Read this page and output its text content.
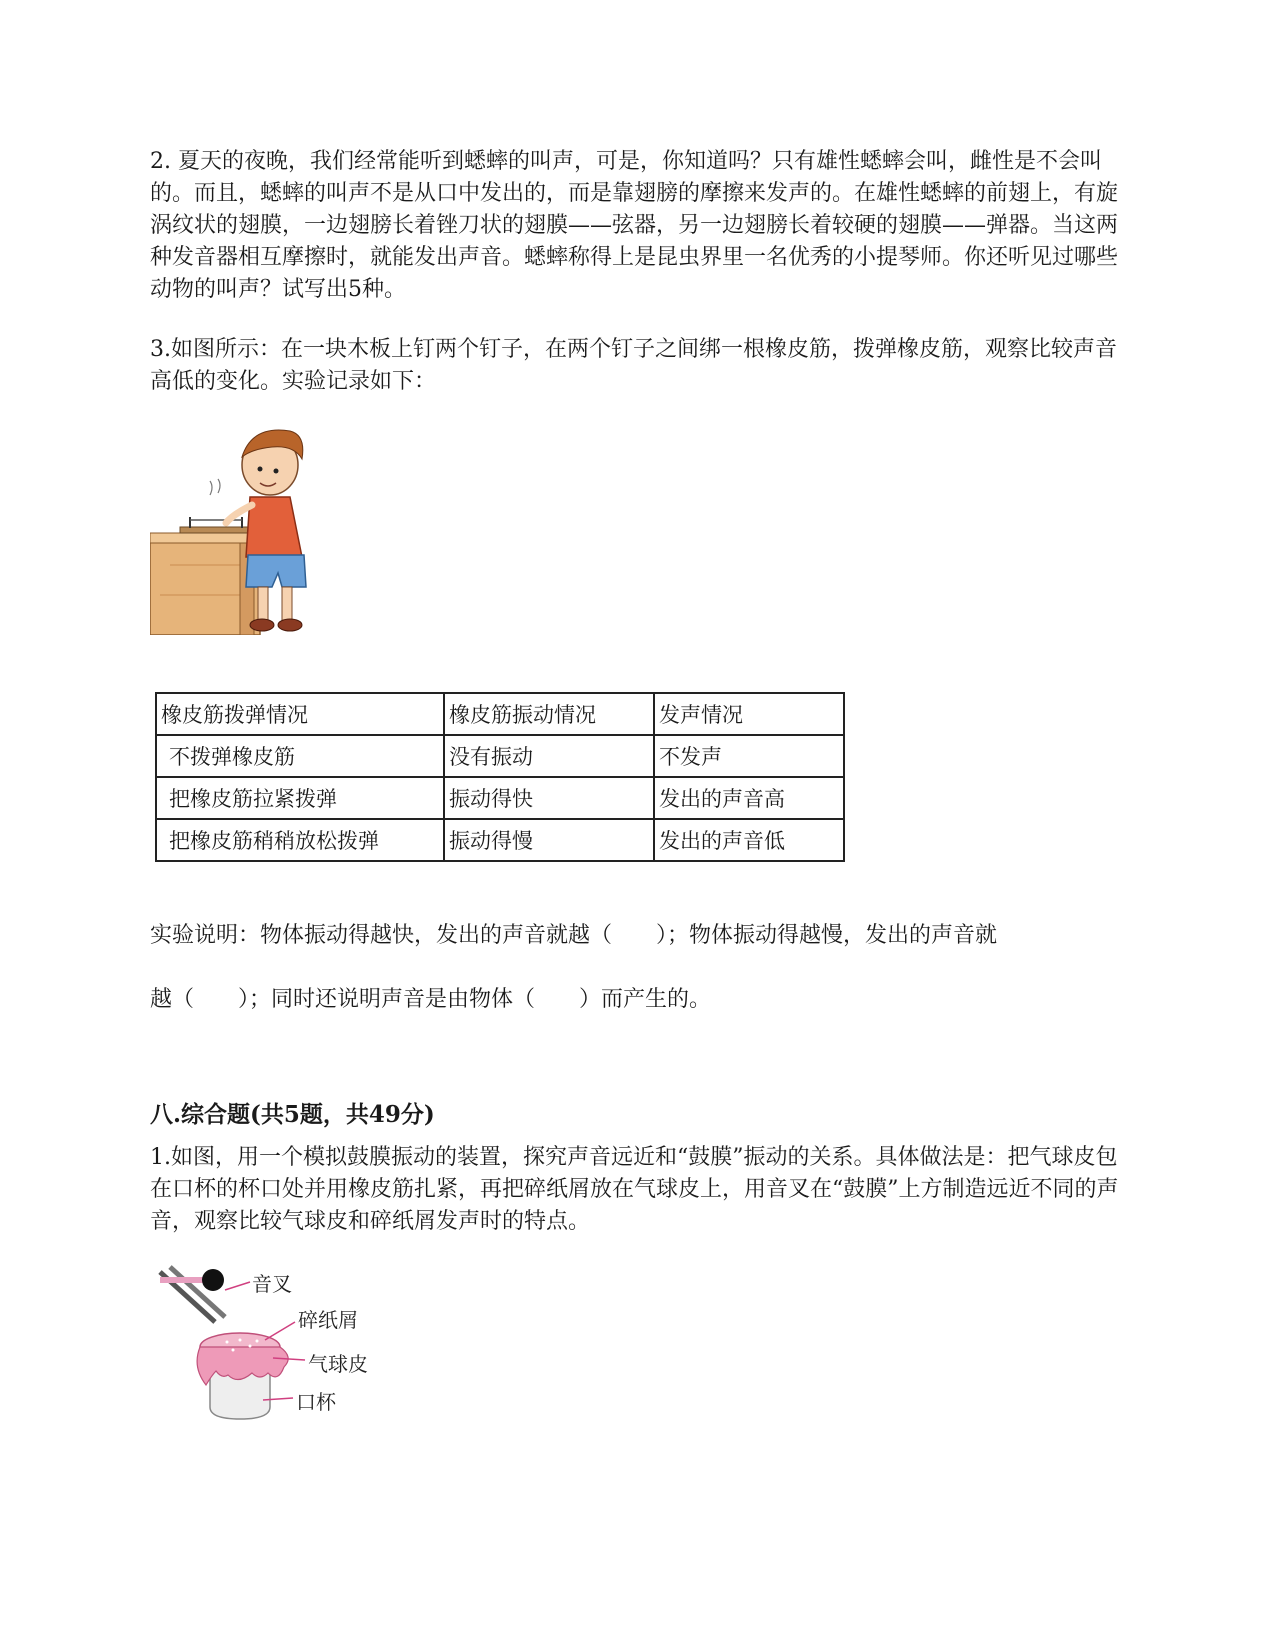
2. 夏天的夜晚，我们经常能听到蟋蟀的叫声，可是，你知道吗？只有雄性蟋蟀会叫，雌性是不会叫的。而且，蟋蟀的叫声不是从口中发出的，而是靠翅膀的摩擦来发声的。在雄性蟋蟀的前翅上，有旋涡纹状的翅膜，一边翅膀长着锉刀状的翅膜——弦器，另一边翅膀长着较硬的翅膜——弹器。当这两种发音器相互摩擦时，就能发出声音。蟋蟀称得上是昆虫界里一名优秀的小提琴师。你还听见过哪些动物的叫声？试写出5种。

3.如图所示：在一块木板上钉两个钉子，在两个钉子之间绑一根橡皮筋，拨弹橡皮筋，观察比较声音高低的变化。实验记录如下：

橡皮筋拨弹情况	橡皮筋振动情况	发声情况
不拨弹橡皮筋	没有振动	不发声
把橡皮筋拉紧拨弹	振动得快	发出的声音高
把橡皮筋稍稍放松拨弹	振动得慢	发出的声音低

实验说明：物体振动得越快，发出的声音就越（　　）；物体振动得越慢，发出的声音就

越（　　）；同时还说明声音是由物体（　　）而产生的。

八.综合题(共5题，共49分)

1.如图，用一个模拟鼓膜振动的装置，探究声音远近和“鼓膜”振动的关系。具体做法是：把气球皮包在口杯的杯口处并用橡皮筋扎紧，再把碎纸屑放在气球皮上，用音叉在“鼓膜”上方制造远近不同的声音，观察比较气球皮和碎纸屑发声时的特点。

音叉
碎纸屑
气球皮
口杯
